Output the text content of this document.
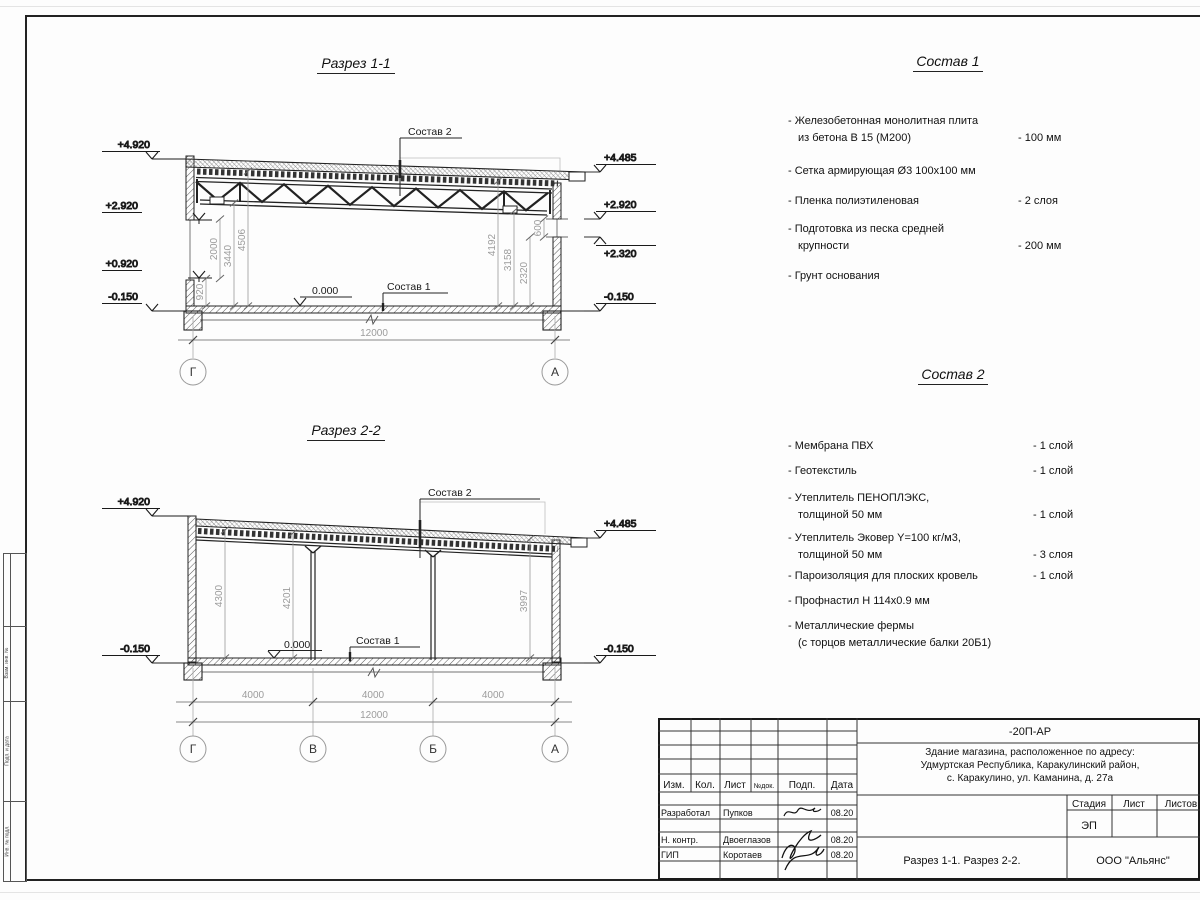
Разрез 1-1
Разрез 2-2
+4.920
+2.920
+0.920
-0.150
+4.485
+2.920
+2.320
-0.150
920
2000 3440
4506	4192
3158
2320
600
Состав 2
Состав 1
0.000
12000
Г	А
+4.920
-0.150
+4.485
-0.150
4300	4201	3997
Состав 2
Состав 1
0.000
4000	4000	4000
12000
Г	В	Б	А
Состав 1
- Железобетонная монолитная плита
из бетона В 15 (М200)	- 100 мм
- Сетка армирующая Ø3 100х100 мм
- Пленка полиэтиленовая	- 2 слоя
- Подготовка из песка средней
крупности	- 200 мм
- Грунт основания
Состав 2
- Мембрана ПВХ	- 1 слой
- Геотекстиль	- 1 слой
- Утеплитель ПЕНОПЛЭКС,
толщиной 50 мм	- 1 слой
- Утеплитель Эковер Y=100 кг/м3,
толщиной 50 мм	- 3 слоя
- Пароизоляция для плоских кровель	- 1 слой
- Профнастил Н 114х0.9 мм
- Металлические фермы
(с торцов металлические балки 20Б1)
Изм. Кол. Лист №док. Подп. Дата
Разработал Пупков	08.20
Н. контр.	Двоеглазов	08.20
ГИП	Коротаев	08.20
-20П-АР
Здание магазина, расположенное по адресу:
Удмуртская Республика, Каракулинский район,
с. Каракулино, ул. Каманина, д. 27а
Стадия Лист Листов
ЭП
Разрез 1-1. Разрез 2-2.	ООО "Альянс"
Взам. инв. №
Подп. и дата
Инв. № подл.
